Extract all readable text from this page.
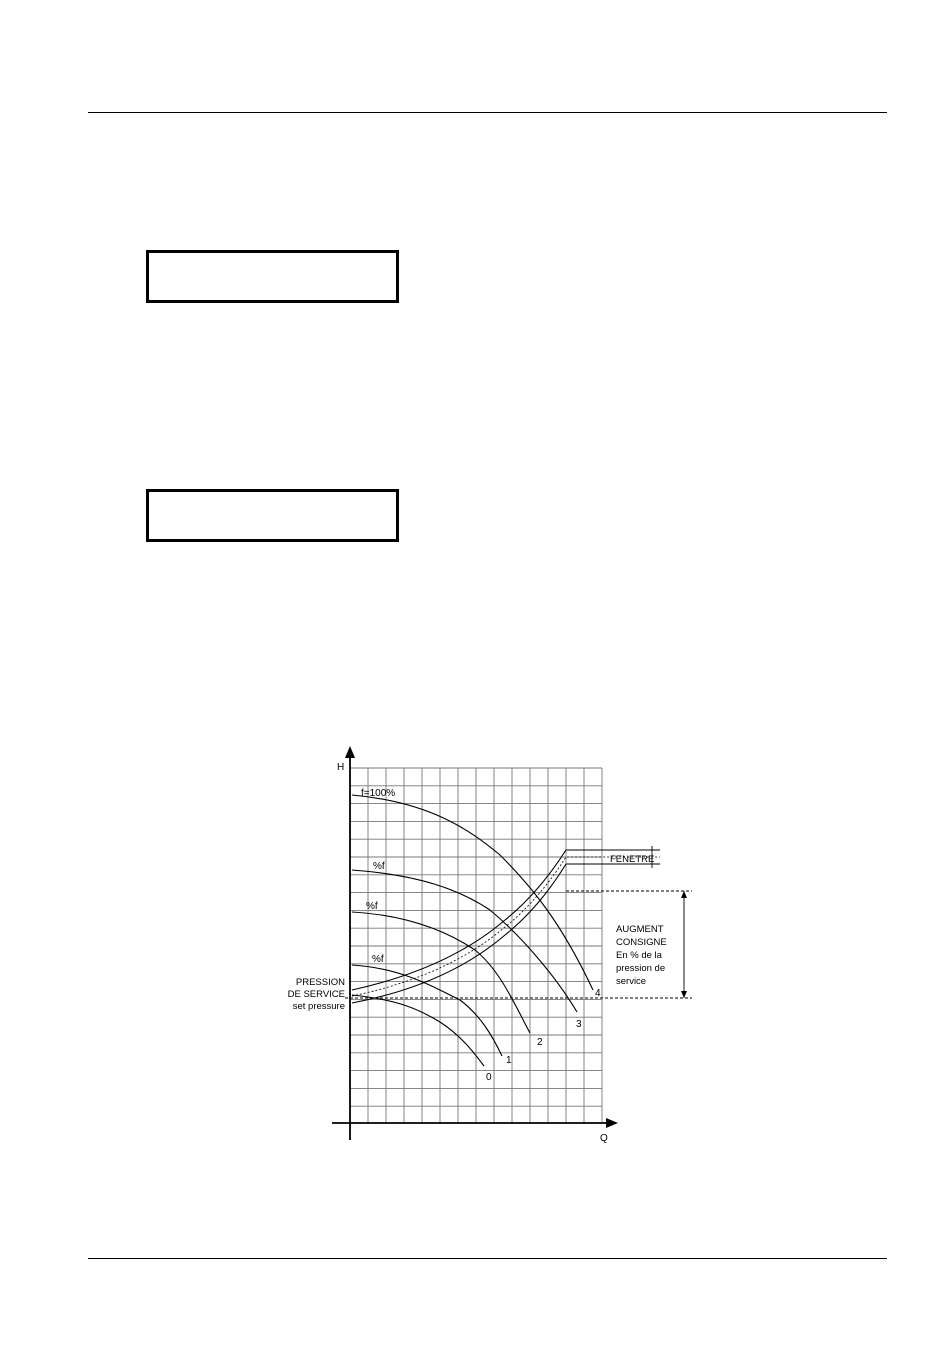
H
Q
f=100%
%f
%f
%f
0
1
2
3
4
FENETRE
PRESSION
DE SERVICE
set pressure
AUGMENT
CONSIGNE
En % de la
pression de
service
